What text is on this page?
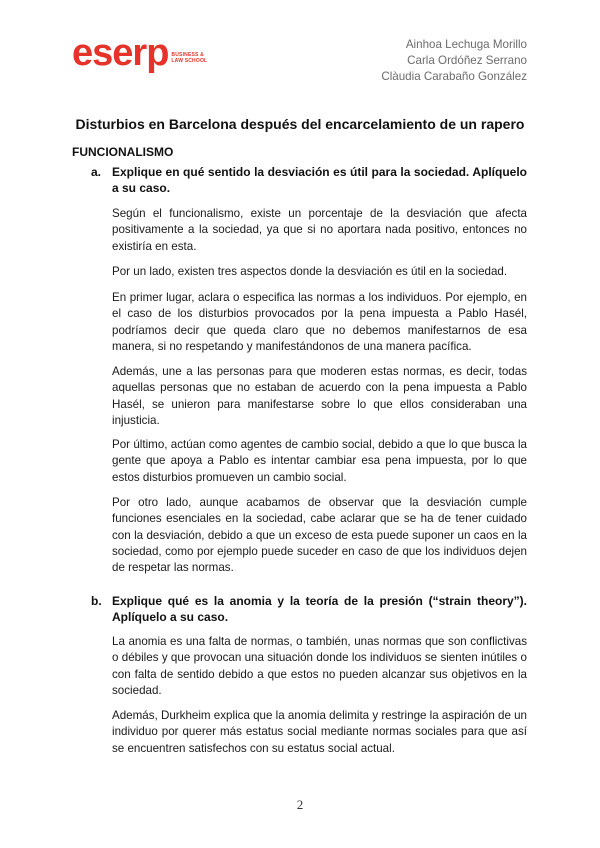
eserp BUSINESS &
LAW SCHOOL
Ainhoa Lechuga Morillo
Carla Ordóñez Serrano
Clàudia Carabaño González
Disturbios en Barcelona después del encarcelamiento de un rapero
FUNCIONALISMO
a. Explique en qué sentido la desviación es útil para la sociedad. Aplíquelo a su caso.
Según el funcionalismo, existe un porcentaje de la desviación que afecta positivamente a la sociedad, ya que si no aportara nada positivo, entonces no existiría en esta.
Por un lado, existen tres aspectos donde la desviación es útil en la sociedad.
En primer lugar, aclara o especifica las normas a los individuos. Por ejemplo, en el caso de los disturbios provocados por la pena impuesta a Pablo Hasél, podríamos decir que queda claro que no debemos manifestarnos de esa manera, si no respetando y manifestándonos de una manera pacífica.
Además, une a las personas para que moderen estas normas, es decir, todas aquellas personas que no estaban de acuerdo con la pena impuesta a Pablo Hasél, se unieron para manifestarse sobre lo que ellos consideraban una injusticia.
Por último, actúan como agentes de cambio social, debido a que lo que busca la gente que apoya a Pablo es intentar cambiar esa pena impuesta, por lo que estos disturbios promueven un cambio social.
Por otro lado, aunque acabamos de observar que la desviación cumple funciones esenciales en la sociedad, cabe aclarar que se ha de tener cuidado con la desviación, debido a que un exceso de esta puede suponer un caos en la sociedad, como por ejemplo puede suceder en caso de que los individuos dejen de respetar las normas.
b. Explique qué es la anomia y la teoría de la presión (“strain theory”). Aplíquelo a su caso.
La anomia es una falta de normas, o también, unas normas que son conflictivas o débiles y que provocan una situación donde los individuos se sienten inútiles o con falta de sentido debido a que estos no pueden alcanzar sus objetivos en la sociedad.
Además, Durkheim explica que la anomia delimita y restringe la aspiración de un individuo por querer más estatus social mediante normas sociales para que así se encuentren satisfechos con su estatus social actual.
2
